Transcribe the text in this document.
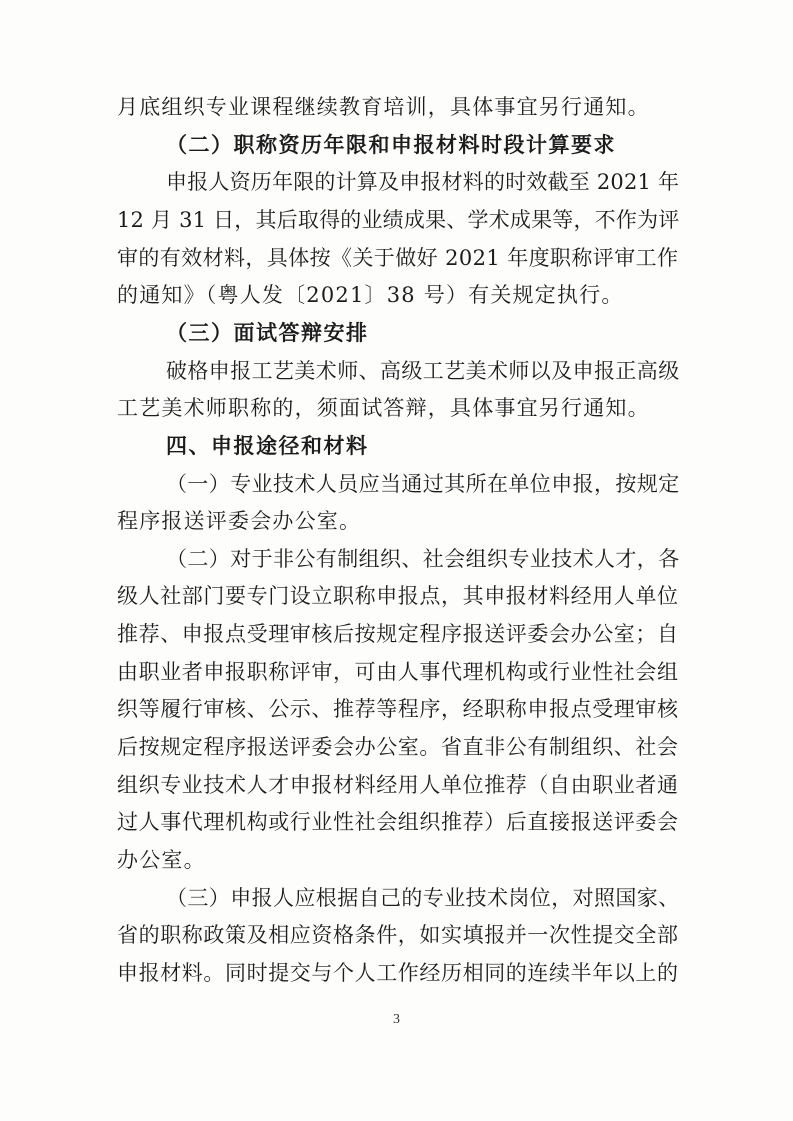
月底组织专业课程继续教育培训，具体事宜另行通知。
（二）职称资历年限和申报材料时段计算要求
申报人资历年限的计算及申报材料的时效截至 2021 年
12 月 31 日，其后取得的业绩成果、学术成果等，不作为评
审的有效材料，具体按《关于做好 2021 年度职称评审工作
的通知》（粤人发〔2021〕38 号）有关规定执行。
（三）面试答辩安排
破格申报工艺美术师、高级工艺美术师以及申报正高级
工艺美术师职称的，须面试答辩，具体事宜另行通知。
四、申报途径和材料
（一）专业技术人员应当通过其所在单位申报，按规定
程序报送评委会办公室。
（二）对于非公有制组织、社会组织专业技术人才，各
级人社部门要专门设立职称申报点，其申报材料经用人单位
推荐、申报点受理审核后按规定程序报送评委会办公室；自
由职业者申报职称评审，可由人事代理机构或行业性社会组
织等履行审核、公示、推荐等程序，经职称申报点受理审核
后按规定程序报送评委会办公室。省直非公有制组织、社会
组织专业技术人才申报材料经用人单位推荐（自由职业者通
过人事代理机构或行业性社会组织推荐）后直接报送评委会
办公室。
（三）申报人应根据自己的专业技术岗位，对照国家、
省的职称政策及相应资格条件，如实填报并一次性提交全部
申报材料。同时提交与个人工作经历相同的连续半年以上的
3
